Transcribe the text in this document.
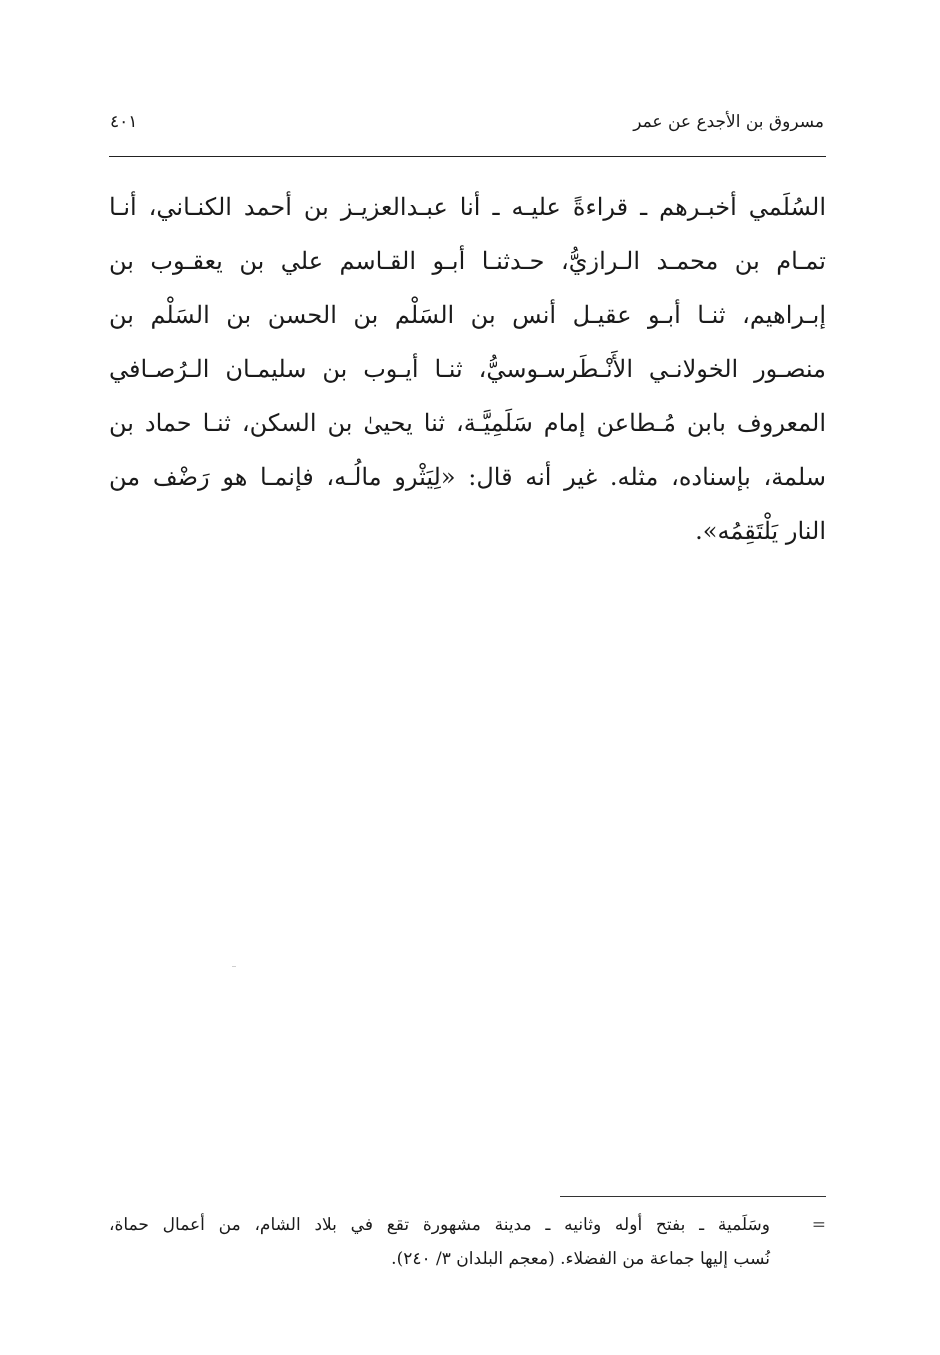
مسروق بن الأجدع عن عمر
٤٠١
السُلَمي أخبـرهم ـ قراءةً عليـه ـ أنا عبـدالعزيـز بن أحمد الكنـاني، أنـا
تمـام بن محمـد الـرازيُّ، حـدثنـا أبـو القـاسم علي بن يعقـوب بن
إبـراهيم، ثنـا أبـو عقيـل أنس بن السَلْم بن الحسن بن السَلْم بن
منصـور الخولانـي الأَنْـطَرسـوسيُّ، ثنـا أيـوب بن سليمـان الـرُصـافي
المعروف بابن مُـطاعن إمام سَلَمِيَّـة، ثنا يحيىٰ بن السكن، ثنـا حماد بن
سلمة، بإسناده، مثله. غير أنه قال: «لِيَثْرو مالُـه، فإنمـا هو رَضْف من
النار يَلْتَقِمُه».
=
وسَلَمية ـ بفتح أوله وثانيه ـ مدينة مشهورة تقع في بلاد الشام، من أعمال حماة،
نُسب إليها جماعة من الفضلاء. (معجم البلدان ٣/ ٢٤٠).
